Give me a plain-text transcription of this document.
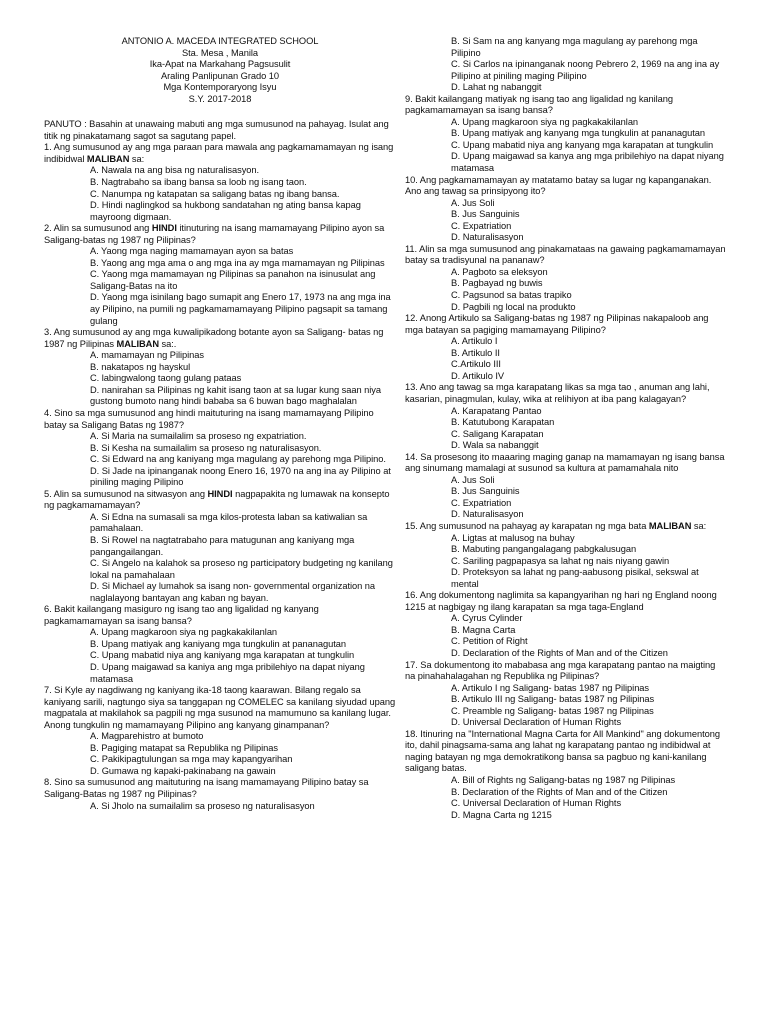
ANTONIO A. MACEDA INTEGRATED SCHOOL
Sta. Mesa , Manila
Ika-Apat na Markahang Pagsusulit
Araling Panlipunan Grado 10
Mga Kontemporaryong Isyu
S.Y. 2017-2018
PANUTO : Basahin at unawaing mabuti ang mga sumusunod na pahayag. Isulat ang titik ng pinakatamang sagot sa sagutang papel.
1. Ang sumusunod ay ang mga paraan para mawala ang pagkamamamayan ng isang indibidwal MALIBAN sa:
A. Nawala na ang bisa ng naturalisasyon.
B. Nagtrabaho sa ibang bansa sa loob ng isang taon.
C. Nanumpa ng katapatan sa saligang batas ng ibang bansa.
D. Hindi naglingkod sa hukbong sandatahan ng ating bansa kapag mayroong digmaan.
2. Alin sa sumusunod ang HINDI itinuturing na isang mamamayang Pilipino ayon sa Saligang-batas ng 1987 ng Pilipinas?
A. Yaong mga naging mamamayan ayon sa batas
B. Yaong ang mga ama o ang mga ina ay mga mamamayan ng Pilipinas
C. Yaong mga mamamayan ng Pilipinas sa panahon na isinusulat ang Saligang-Batas na ito
D. Yaong mga isinilang bago sumapit ang Enero 17, 1973 na ang mga ina ay Pilipino, na pumili ng pagkamamamayang Pilipino pagsapit sa tamang gulang
3. Ang sumusunod ay ang mga kuwalipikadong botante ayon sa Saligang- batas ng 1987 ng Pilipinas MALIBAN sa:.
A. mamamayan ng Pilipinas
B. nakatapos ng hayskul
C. labingwalong taong gulang pataas
D. nanirahan sa Pilipinas ng kahit isang taon at sa lugar kung saan niya gustong bumoto nang hindi bababa sa 6 buwan bago maghalalan
4. Sino sa mga sumusunod ang hindi maituturing na isang mamamayang Pilipino batay sa Saligang Batas ng 1987?
A. Si Maria na sumailalim sa proseso ng expatriation.
B. Si Kesha na sumailalim sa proseso ng naturalisasyon.
C. Si Edward na ang kaniyang mga magulang ay parehong mga Pilipino.
D. Si Jade na ipinanganak noong Enero 16, 1970 na ang ina ay Pilipino at piniling maging Pilipino
5. Alin sa sumusunod na sitwasyon ang HINDI nagpapakita ng lumawak na konsepto ng pagkamamamayan?
A. Si Edna na sumasali sa mga kilos-protesta laban sa katiwalian sa pamahalaan.
B. Si Rowel na nagtatrabaho para matugunan ang kaniyang mga pangangailangan.
C. Si Angelo na kalahok sa proseso ng participatory budgeting ng kanilang lokal na pamahalaan
D. Si Michael ay lumahok sa isang non- governmental organization na naglalayong bantayan ang kaban ng bayan.
6. Bakit kailangang masiguro ng isang tao ang ligalidad ng kanyang pagkamamamayan sa isang bansa?
A. Upang magkaroon siya ng pagkakakilanlan
B. Upang matiyak ang kaniyang mga tungkulin at pananagutan
C. Upang mabatid niya ang kaniyang mga karapatan at tungkulin
D. Upang maigawad sa kaniya ang mga pribilehiyo na dapat niyang matamasa
7. Si Kyle ay nagdiwang ng kaniyang ika-18 taong kaarawan. Bilang regalo sa kaniyang sarili, nagtungo siya sa tanggapan ng COMELEC sa kanilang siyudad upang magpatala at makilahok sa pagpili ng mga susunod na mamumuno sa kanilang lugar. Anong tungkulin ng mamamayang Pilipino ang kanyang ginampanan?
A. Magparehistro at bumoto
B. Pagiging matapat sa Republika ng Pilipinas
C. Pakikipagtulungan sa mga may kapangyarihan
D. Gumawa ng kapaki-pakinabang na gawain
8. Sino sa sumusunod ang maituturing na isang mamamayang Pilipino batay sa Saligang-Batas ng 1987 ng Pilipinas?
A. Si Jholo na sumailalim sa proseso ng naturalisasyon
B. Si Sam na ang kanyang mga magulang ay parehong mga Pilipino
C. Si Carlos na ipinanganak noong Pebrero 2, 1969 na ang ina ay Pilipino at piniling maging Pilipino
D. Lahat ng nabanggit
9. Bakit kailangang matiyak ng isang tao ang ligalidad ng kanilang pagkamamamayan sa isang bansa?
A. Upang magkaroon siya ng pagkakakilanlan
B. Upang matiyak ang kanyang mga tungkulin at pananagutan
C. Upang mabatid niya ang kanyang mga karapatan at tungkulin
D. Upang maigawad sa kanya ang mga pribilehiyo na dapat niyang matamasa
10. Ang pagkamamamayan ay matatamo batay sa lugar ng kapanganakan. Ano ang tawag sa prinsipyong ito?
A. Jus Soli
B. Jus Sanguinis
C. Expatriation
D. Naturalisasyon
11. Alin sa mga sumusunod ang pinakamataas na gawaing pagkamamamayan batay sa tradisyunal na pananaw?
A. Pagboto sa eleksyon
B. Pagbayad ng buwis
C. Pagsunod sa batas trapiko
D. Pagbili ng local na produkto
12. Anong Artikulo sa Saligang-batas ng 1987 ng Pilipinas nakapaloob ang mga batayan sa pagiging mamamayang Pilipino?
A. Artikulo I
B. Artikulo II
C.Artikulo III
D. Artikulo IV
13. Ano ang tawag sa mga karapatang likas sa mga tao , anuman ang lahi, kasarian, pinagmulan, kulay, wika at relihiyon at iba pang kalagayan?
A. Karapatang Pantao
B. Katutubong Karapatan
C. Saligang Karapatan
D. Wala sa nabanggit
14. Sa prosesong ito maaaring maging ganap na mamamayan ng isang bansa ang sinumang mamalagi at susunod sa kultura at pamamahala nito
A. Jus Soli
B. Jus Sanguinis
C. Expatriation
D. Naturalisasyon
15. Ang sumusunod na pahayag ay karapatan ng mga bata MALIBAN sa:
A. Ligtas at malusog na buhay
B. Mabuting pangangalagang pabgkalusugan
C. Sariling pagpapasya sa lahat ng nais niyang gawin
D. Proteksyon sa lahat ng pang-aabusong pisikal, sekswal at mental
16. Ang dokumentong naglimita sa kapangyarihan ng hari ng England noong 1215 at nagbigay ng ilang karapatan sa mga taga-England
A. Cyrus Cylinder
B. Magna Carta
C. Petition of Right
D. Declaration of the Rights of Man and of the Citizen
17. Sa dokumentong ito mababasa ang mga karapatang pantao na maigting na pinahahalagahan ng Republika ng Pilipinas?
A. Artikulo I ng Saligang- batas 1987 ng Pilipinas
B. Artikulo III ng Saligang- batas 1987 ng Pilipinas
C. Preamble ng Saligang- batas 1987 ng Pilipinas
D. Universal Declaration of Human Rights
18. Itinuring na "International Magna Carta for All Mankind" ang dokumentong ito, dahil pinagsama-sama ang lahat ng karapatang pantao ng indibidwal at naging batayan ng mga demokratikong bansa sa pagbuo ng kani-kanilang saligang batas.
A. Bill of Rights ng Saligang-batas ng 1987 ng Pilipinas
B. Declaration of the Rights of Man and of the Citizen
C. Universal Declaration of Human Rights
D. Magna Carta ng 1215
